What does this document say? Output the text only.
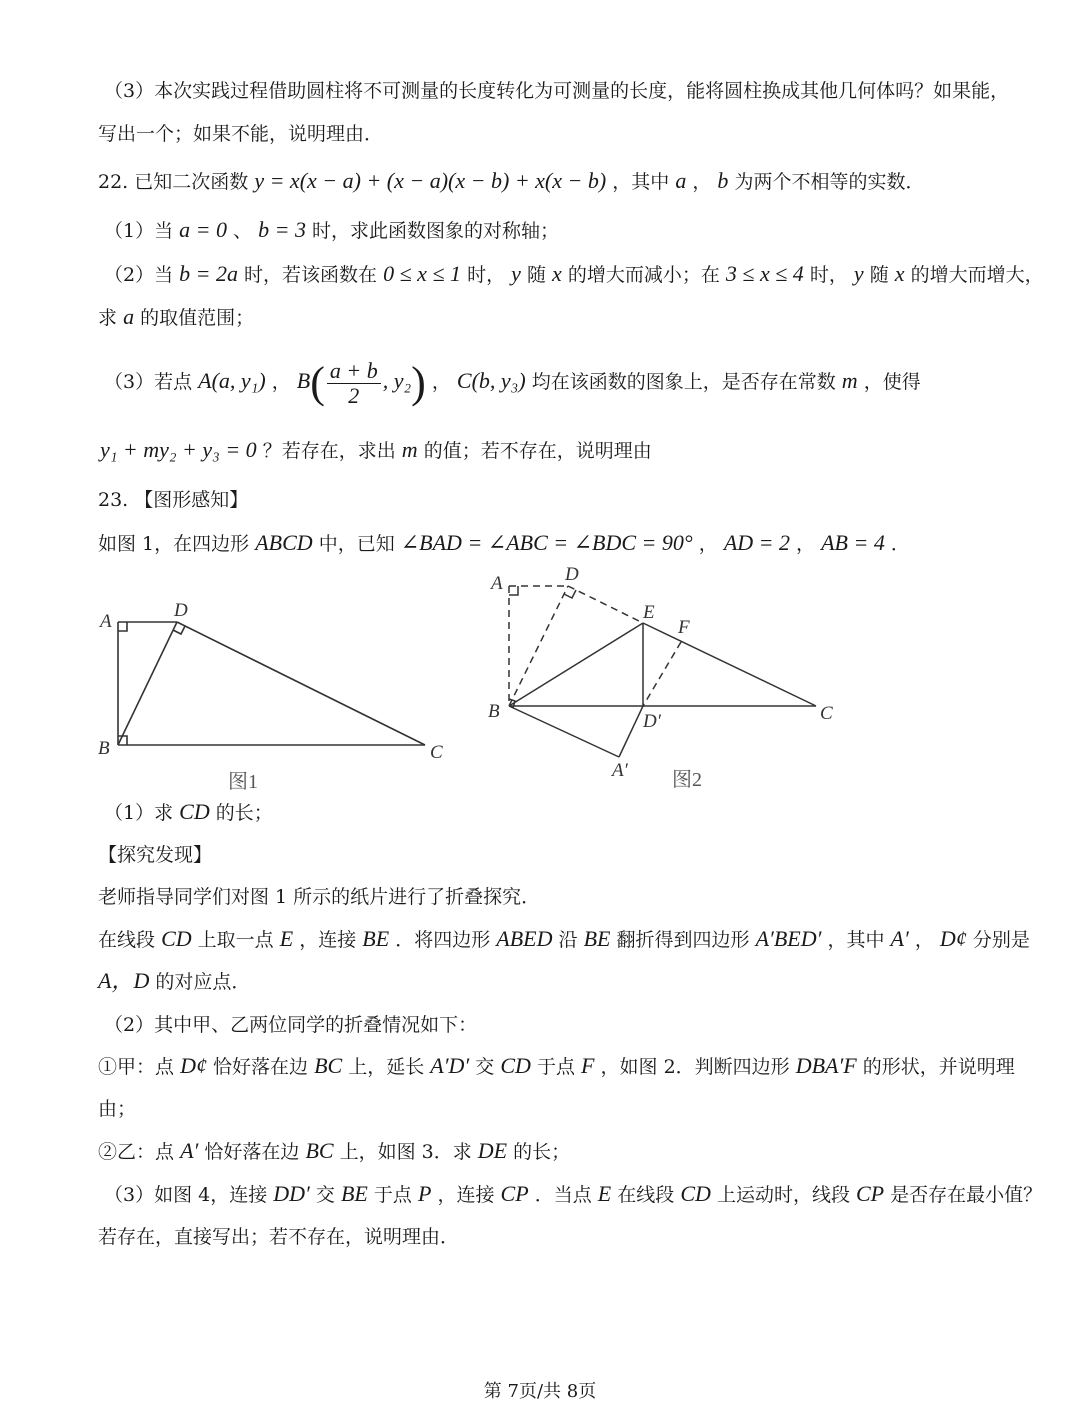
（3）本次实践过程借助圆柱将不可测量的长度转化为可测量的长度，能将圆柱换成其他几何体吗？如果能，
写出一个；如果不能，说明理由．
22. 已知二次函数 y = x(x − a) + (x − a)(x − b) + x(x − b) ，其中 a ， b 为两个不相等的实数．
（1）当 a = 0 、 b = 3 时，求此函数图象的对称轴；
（2）当 b = 2a 时，若该函数在 0 ≤ x ≤ 1 时， y 随 x 的增大而减小；在 3 ≤ x ≤ 4 时， y 随 x 的增大而增大，
求 a 的取值范围；
（3）若点 A(a, y₁) ， $B( \frac{a + b}{2}$ , y₂) ， C(b, y₃) 均在该函数的图象上，是否存在常数 m ，使得
y₁ + my₂ + y₃ = 0 ？若存在，求出 m 的值；若不存在，说明理由
23. 【图形感知】
如图 1，在四边形 ABCD 中，已知 ∠BAD = ∠ABC = ∠BDC = 90° ， AD = 2 ， AB = 4 ．
A
D
B	C
图1
A	D
E
F
B	C
D′
A′ 图2
（1）求 CD 的长；
【探究发现】
老师指导同学们对图 1 所示的纸片进行了折叠探究．
在线段 CD 上取一点 E ，连接 BE ．将四边形 ABED 沿 BE 翻折得到四边形 A′BED′ ，其中 A′ ， D¢ 分别是
A，D 的对应点．
（2）其中甲、乙两位同学的折叠情况如下：
①甲：点 D¢ 恰好落在边 BC 上，延长 A′D′ 交 CD 于点 F ，如图 2．判断四边形 DBA′F 的形状，并说明理
由；
②乙：点 A′ 恰好落在边 BC 上，如图 3．求 DE 的长；
（3）如图 4，连接 DD′ 交 BE 于点 P ，连接 CP ．当点 E 在线段 CD 上运动时，线段 CP 是否存在最小值？
若存在，直接写出；若不存在，说明理由．
第 7页/共 8页
